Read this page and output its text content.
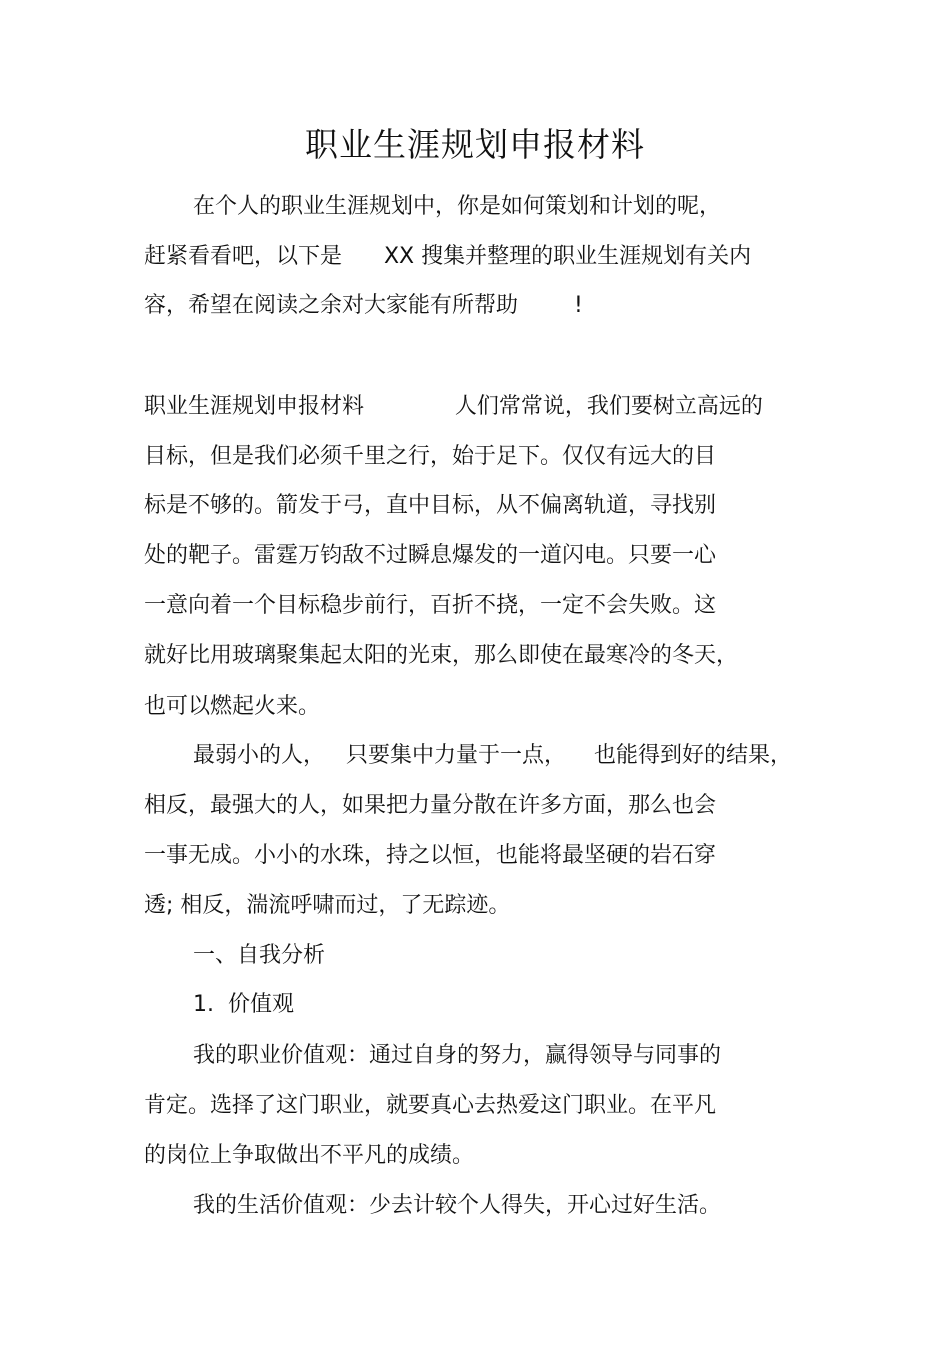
职业生涯规划申报材料

在个人的职业生涯规划中，你是如何策划和计划的呢，

赶紧看看吧，以下是      XX 搜集并整理的职业生涯规划有关内

容，希望在阅读之余对大家能有所帮助        !

职业生涯规划申报材料             人们常常说，我们要树立高远的

目标，但是我们必须千里之行，始于足下。仅仅有远大的目

标是不够的。箭发于弓，直中目标，从不偏离轨道，寻找别

处的靶子。雷霆万钧敌不过瞬息爆发的一道闪电。只要一心

一意向着一个目标稳步前行，百折不挠，一定不会失败。这

就好比用玻璃聚集起太阳的光束，那么即使在最寒冷的冬天，

也可以燃起火来。

最弱小的人，   只要集中力量于一点，    也能得到好的结果，

相反，最强大的人，如果把力量分散在许多方面，那么也会

一事无成。小小的水珠，持之以恒，也能将最坚硬的岩石穿

透; 相反，湍流呼啸而过，了无踪迹。

一、自我分析

1.  价值观

我的职业价值观：通过自身的努力，赢得领导与同事的

肯定。选择了这门职业，就要真心去热爱这门职业。在平凡

的岗位上争取做出不平凡的成绩。

我的生活价值观：少去计较个人得失，开心过好生活。
